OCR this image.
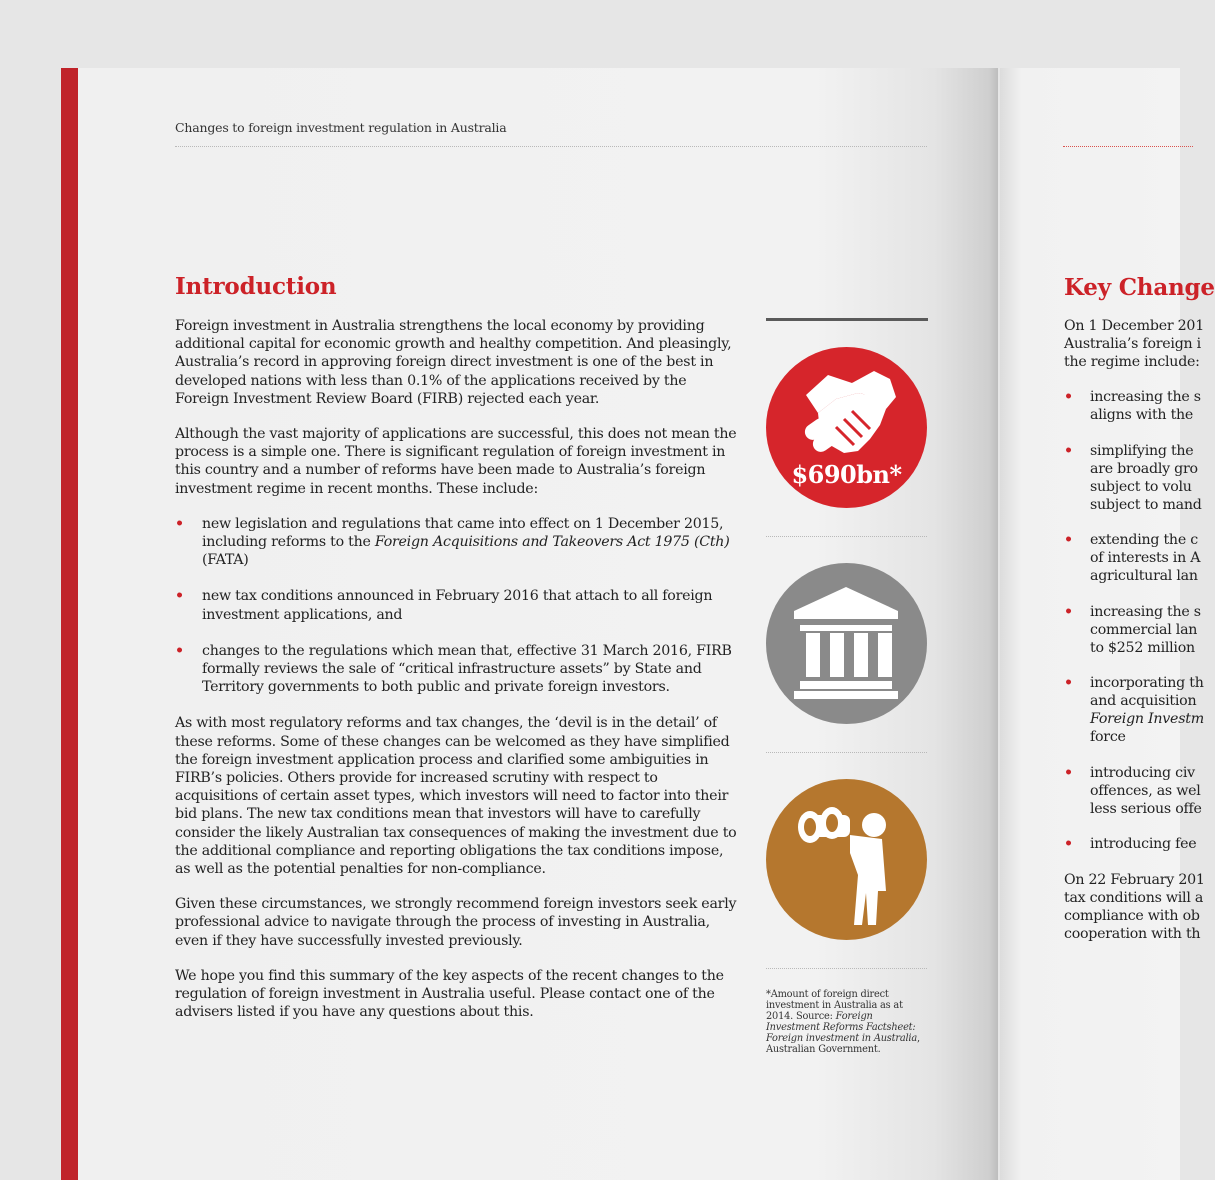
Changes to foreign investment regulation in Australia
Introduction

Foreign investment in Australia strengthens the local economy by providing additional capital for economic growth and healthy competition. And pleasingly, Australia’s record in approving foreign direct investment is one of the best in developed nations with less than 0.1% of the applications received by the Foreign Investment Review Board (FIRB) rejected each year.

Although the vast majority of applications are successful, this does not mean the process is a simple one. There is significant regulation of foreign investment in this country and a number of reforms have been made to Australia’s foreign investment regime in recent months. These include:

• new legislation and regulations that came into effect on 1 December 2015, including reforms to the Foreign Acquisitions and Takeovers Act 1975 (Cth) (FATA)
• new tax conditions announced in February 2016 that attach to all foreign investment applications, and
• changes to the regulations which mean that, effective 31 March 2016, FIRB formally reviews the sale of “critical infrastructure assets” by State and Territory governments to both public and private foreign investors.

As with most regulatory reforms and tax changes, the ‘devil is in the detail’ of these reforms. Some of these changes can be welcomed as they have simplified the foreign investment application process and clarified some ambiguities in FIRB’s policies. Others provide for increased scrutiny with respect to acquisitions of certain asset types, which investors will need to factor into their bid plans. The new tax conditions mean that investors will have to carefully consider the likely Australian tax consequences of making the investment due to the additional compliance and reporting obligations the tax conditions impose, as well as the potential penalties for non-compliance.

Given these circumstances, we strongly recommend foreign investors seek early professional advice to navigate through the process of investing in Australia, even if they have successfully invested previously.

We hope you find this summary of the key aspects of the recent changes to the regulation of foreign investment in Australia useful. Please contact one of the advisers listed if you have any questions about this.

$690bn*
*Amount of foreign direct investment in Australia as at 2014. Source: Foreign Investment Reforms Factsheet: Foreign investment in Australia, Australian Government.
Key Change
On 1 December 201
Australia’s foreign i
the regime include:
• increasing the s
aligns with the
• simplifying the
are broadly gro
subject to volu
subject to mand
• extending the c
of interests in A
agricultural lan
• increasing the s
commercial lan
to $252 million
• incorporating th
and acquisition
Foreign Investm
force
• introducing civ
offences, as wel
less serious offe
• introducing fee
On 22 February 201
tax conditions will a
compliance with ob
cooperation with th
